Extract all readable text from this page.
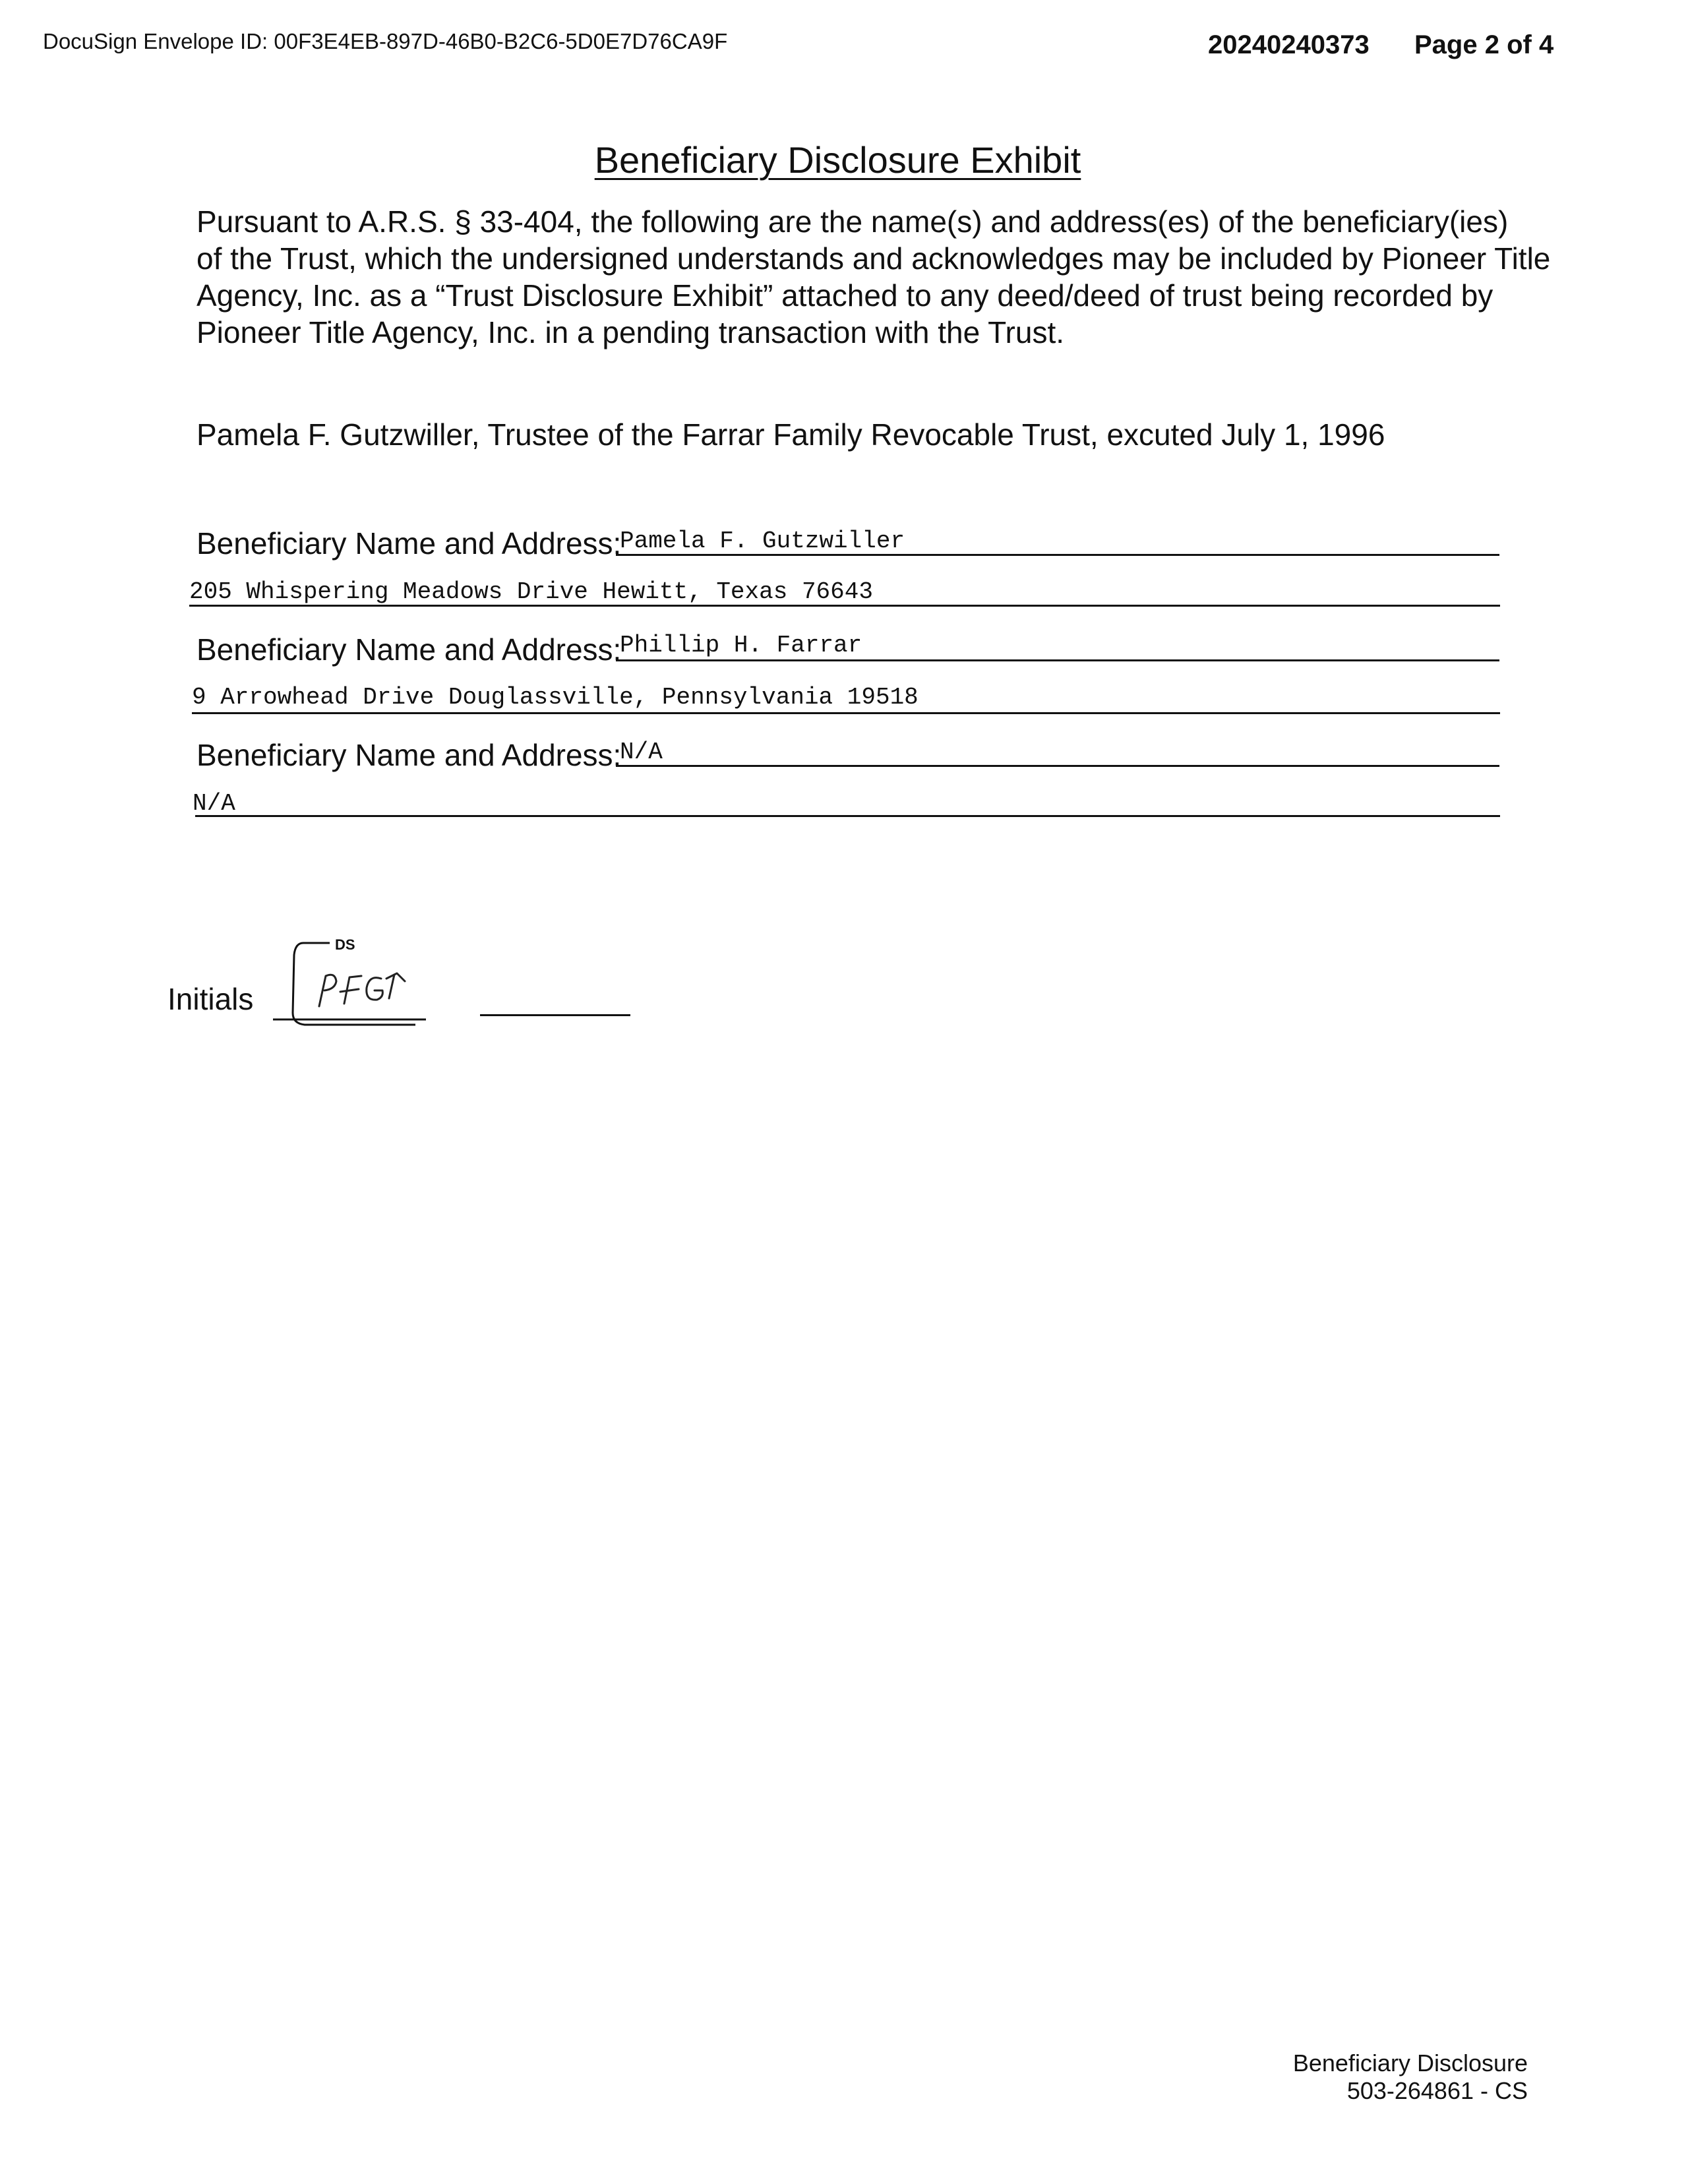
DocuSign Envelope ID: 00F3E4EB-897D-46B0-B2C6-5D0E7D76CA9F	20240240373 Page 2 of 4
Beneficiary Disclosure Exhibit
Pursuant to A.R.S. § 33-404, the following are the name(s) and address(es) of the beneficiary(ies)
of the Trust, which the undersigned understands and acknowledges may be included by Pioneer Title
Agency, Inc. as a “Trust Disclosure Exhibit” attached to any deed/deed of trust being recorded by
Pioneer Title Agency, Inc. in a pending transaction with the Trust.
Pamela F. Gutzwiller, Trustee of the Farrar Family Revocable Trust, excuted July 1, 1996
Beneficiary Name and Address:
Pamela F. Gutzwiller
205 Whispering Meadows Drive Hewitt, Texas 76643
Beneficiary Name and Address:
Phillip H. Farrar
9 Arrowhead Drive Douglassville, Pennsylvania 19518
Beneficiary Name and Address:
N/A
N/A
Initials
DS
Beneficiary Disclosure
503-264861 - CS
